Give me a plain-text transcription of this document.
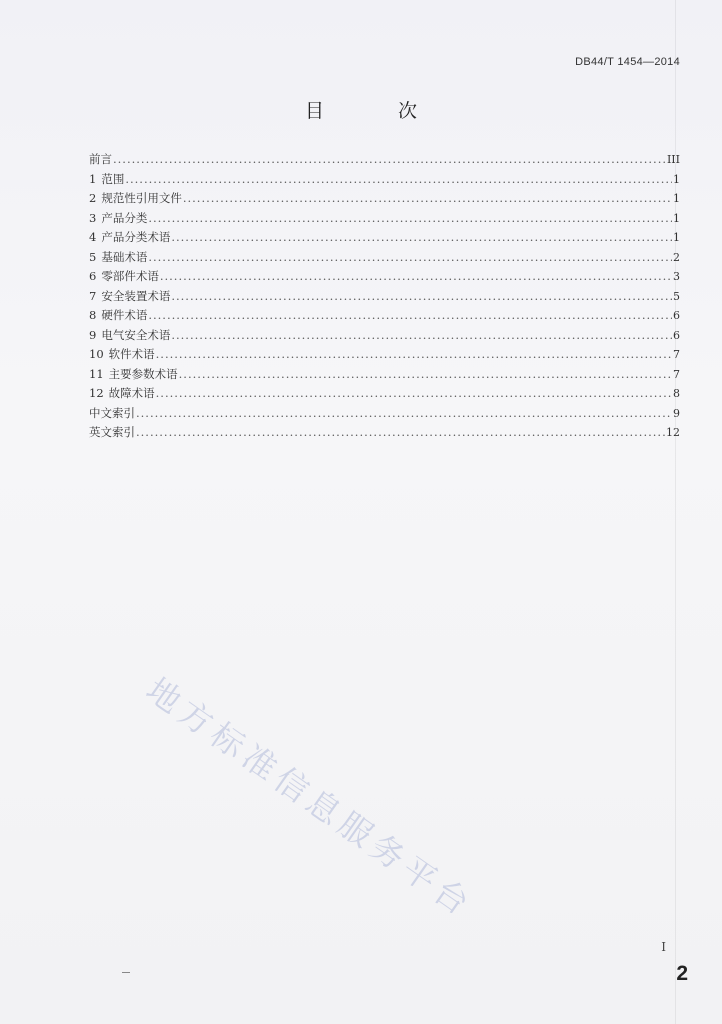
DB44/T 1454—2014
目 次
前言 .....	III
1 范围 .....	1
2 规范性引用文件 .....	1
3 产品分类 .....	1
4 产品分类术语 .....	1
5 基础术语 .....	2
6 零部件术语 .....	3
7 安全装置术语 .....	5
8 硬件术语 .....	6
9 电气安全术语 .....	6
10 软件术语 .....	7
11 主要参数术语 .....	7
12 故障术语 .....	8
中文索引 .....	9
英文索引 .....	12
地方标准信息服务平台
I
2
